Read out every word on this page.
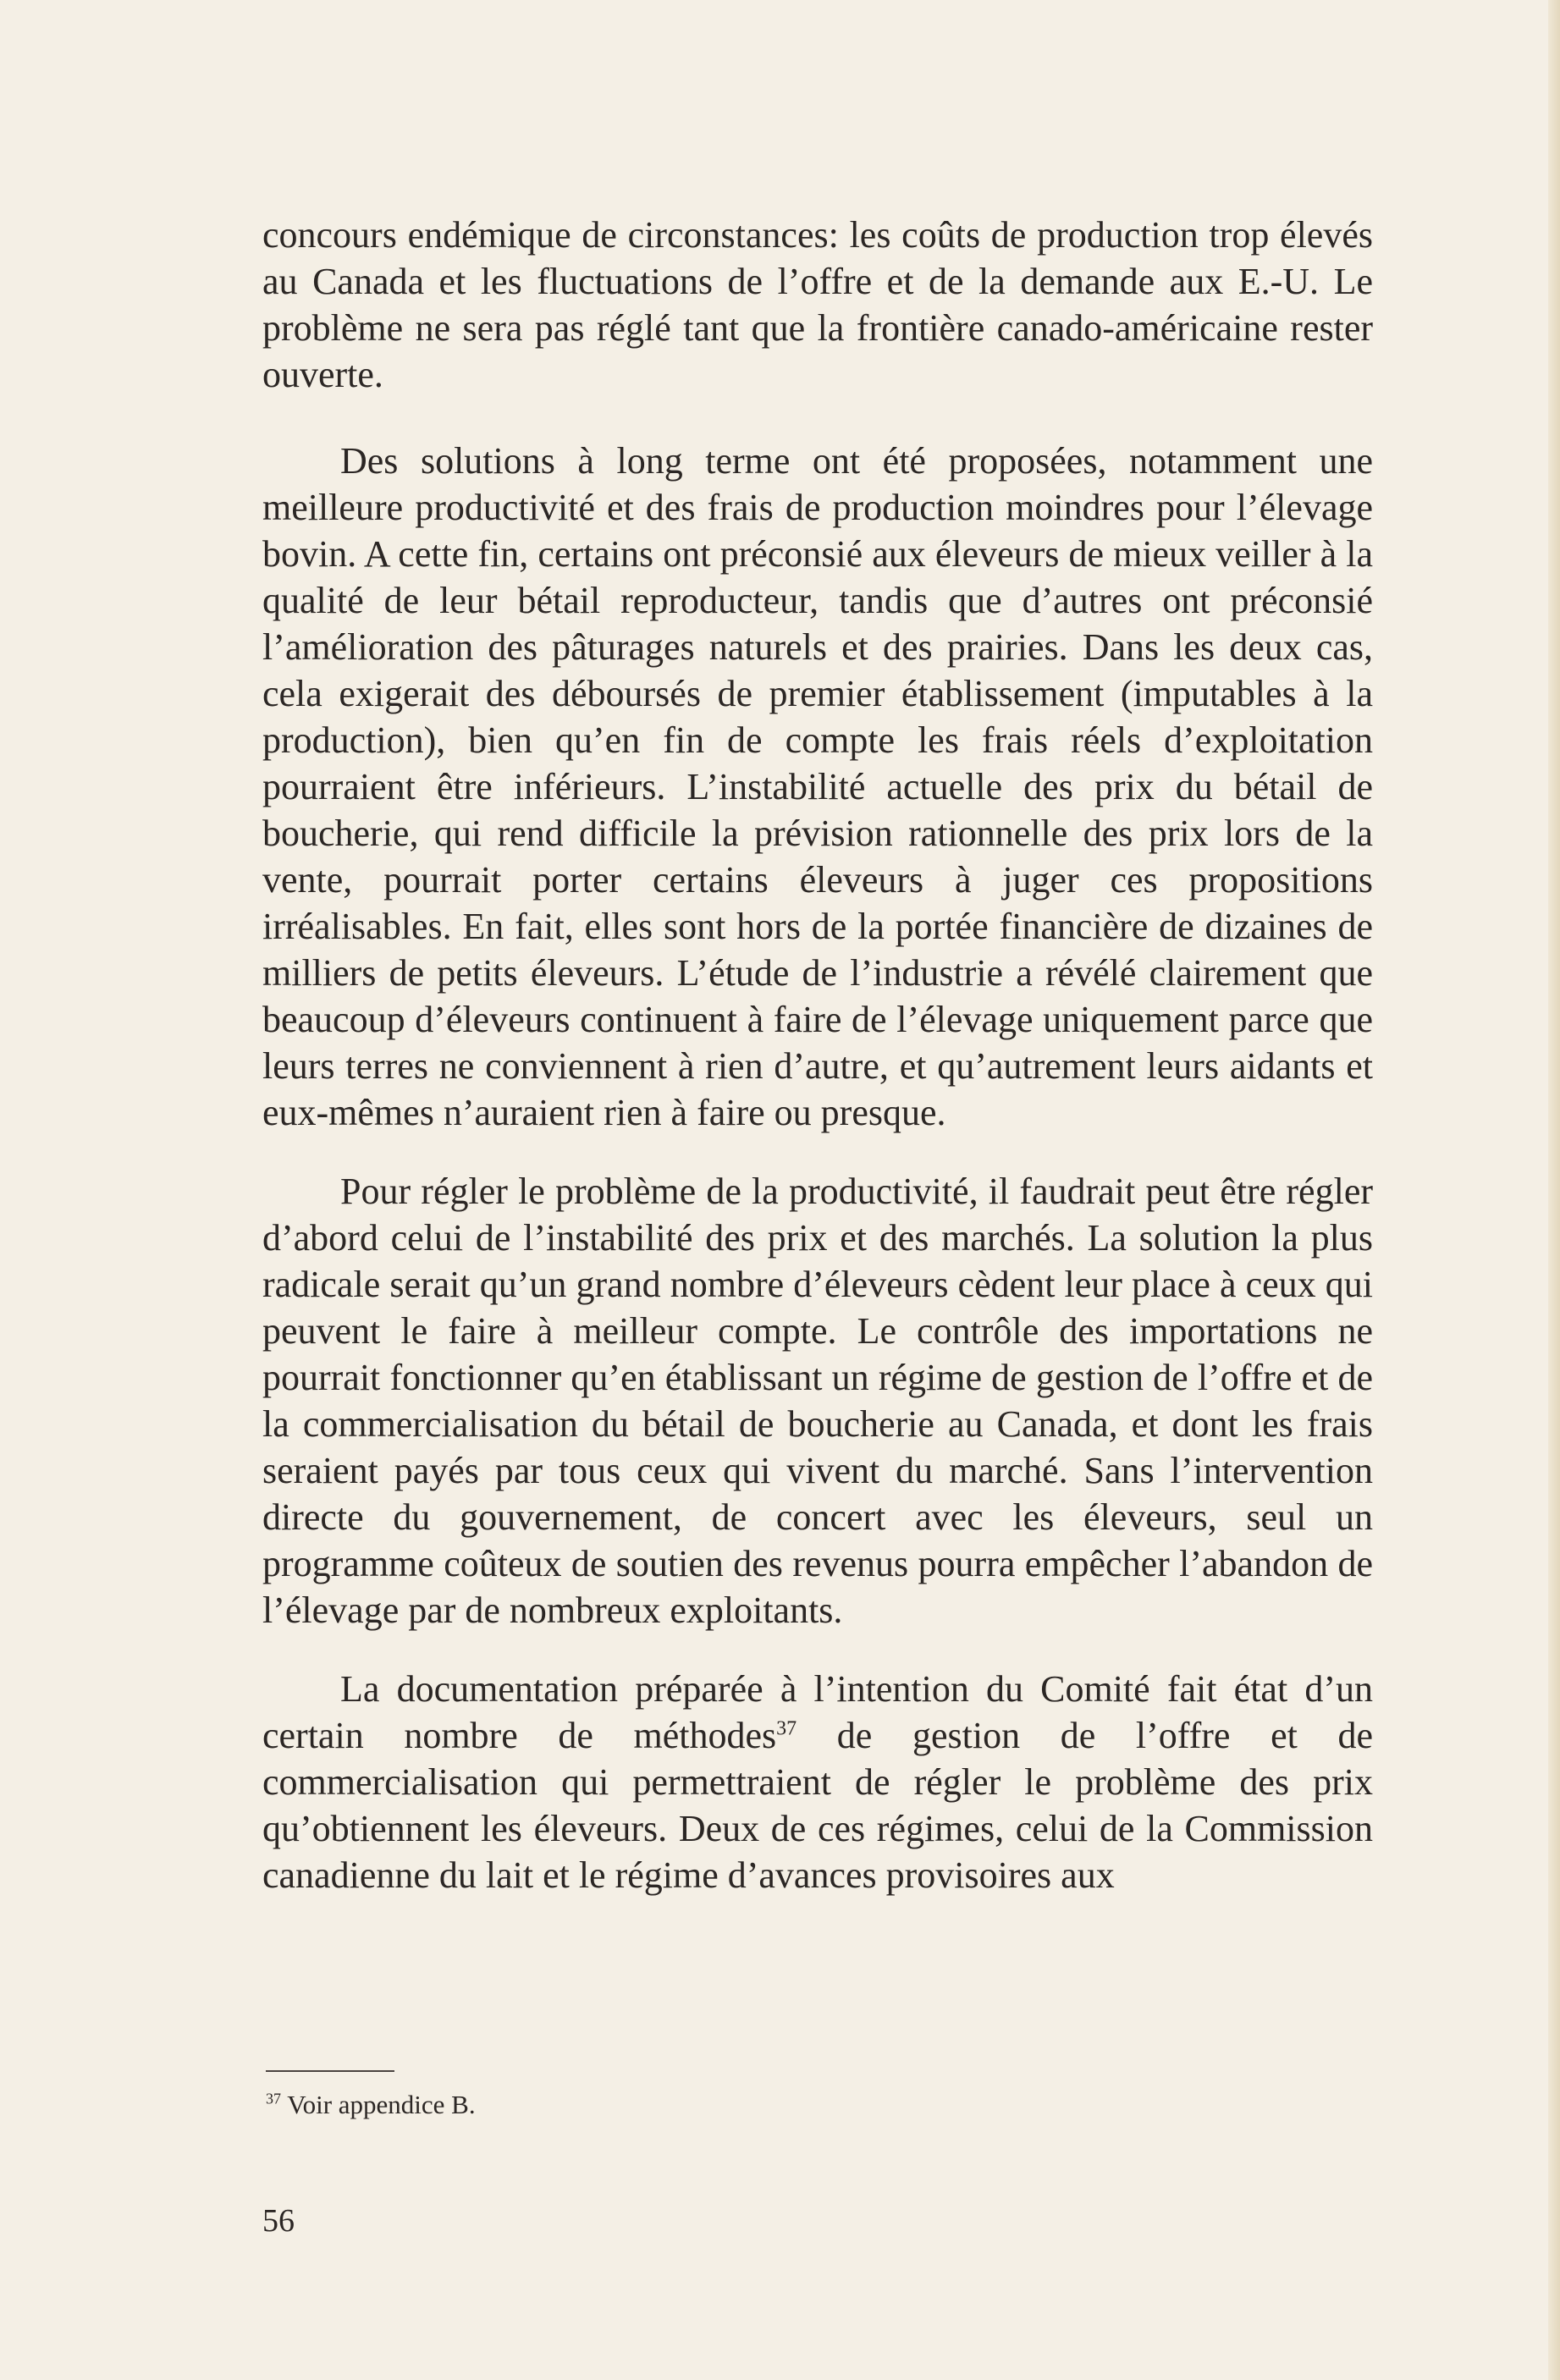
concours endémique de circonstances: les coûts de production trop élevés au Canada et les fluctuations de l’offre et de la demande aux E.-U. Le problème ne sera pas réglé tant que la frontière canado-américaine rester ouverte.

Des solutions à long terme ont été proposées, notamment une meilleure productivité et des frais de production moindres pour l’élevage bovin. A cette fin, certains ont préconsié aux éleveurs de mieux veiller à la qualité de leur bétail reproducteur, tandis que d’autres ont préconsié l’amélioration des pâturages naturels et des prairies. Dans les deux cas, cela exigerait des déboursés de premier établissement (imputables à la production), bien qu’en fin de compte les frais réels d’exploitation pourraient être inférieurs. L’instabilité actuelle des prix du bétail de boucherie, qui rend difficile la prévision rationnelle des prix lors de la vente, pourrait porter certains éleveurs à juger ces propositions irréalisables. En fait, elles sont hors de la portée financière de dizaines de milliers de petits éleveurs. L’étude de l’industrie a révélé clairement que beaucoup d’éleveurs continuent à faire de l’élevage uniquement parce que leurs terres ne conviennent à rien d’autre, et qu’autrement leurs aidants et eux-mêmes n’auraient rien à faire ou presque.

Pour régler le problème de la productivité, il faudrait peut être régler d’abord celui de l’instabilité des prix et des marchés. La solution la plus radicale serait qu’un grand nombre d’éleveurs cèdent leur place à ceux qui peuvent le faire à meilleur compte. Le contrôle des importations ne pourrait fonctionner qu’en établissant un régime de gestion de l’offre et de la commercialisation du bétail de boucherie au Canada, et dont les frais seraient payés par tous ceux qui vivent du marché. Sans l’intervention directe du gouvernement, de concert avec les éleveurs, seul un programme coûteux de soutien des revenus pourra empêcher l’abandon de l’élevage par de nombreux exploitants.

La documentation préparée à l’intention du Comité fait état d’un certain nombre de méthodes$^{37}$ de gestion de l’offre et de commercialisation qui permettraient de régler le problème des prix qu’obtiennent les éleveurs. Deux de ces régimes, celui de la Commission canadienne du lait et le régime d’avances provisoires aux

$^{37}$ Voir appendice B.
56
